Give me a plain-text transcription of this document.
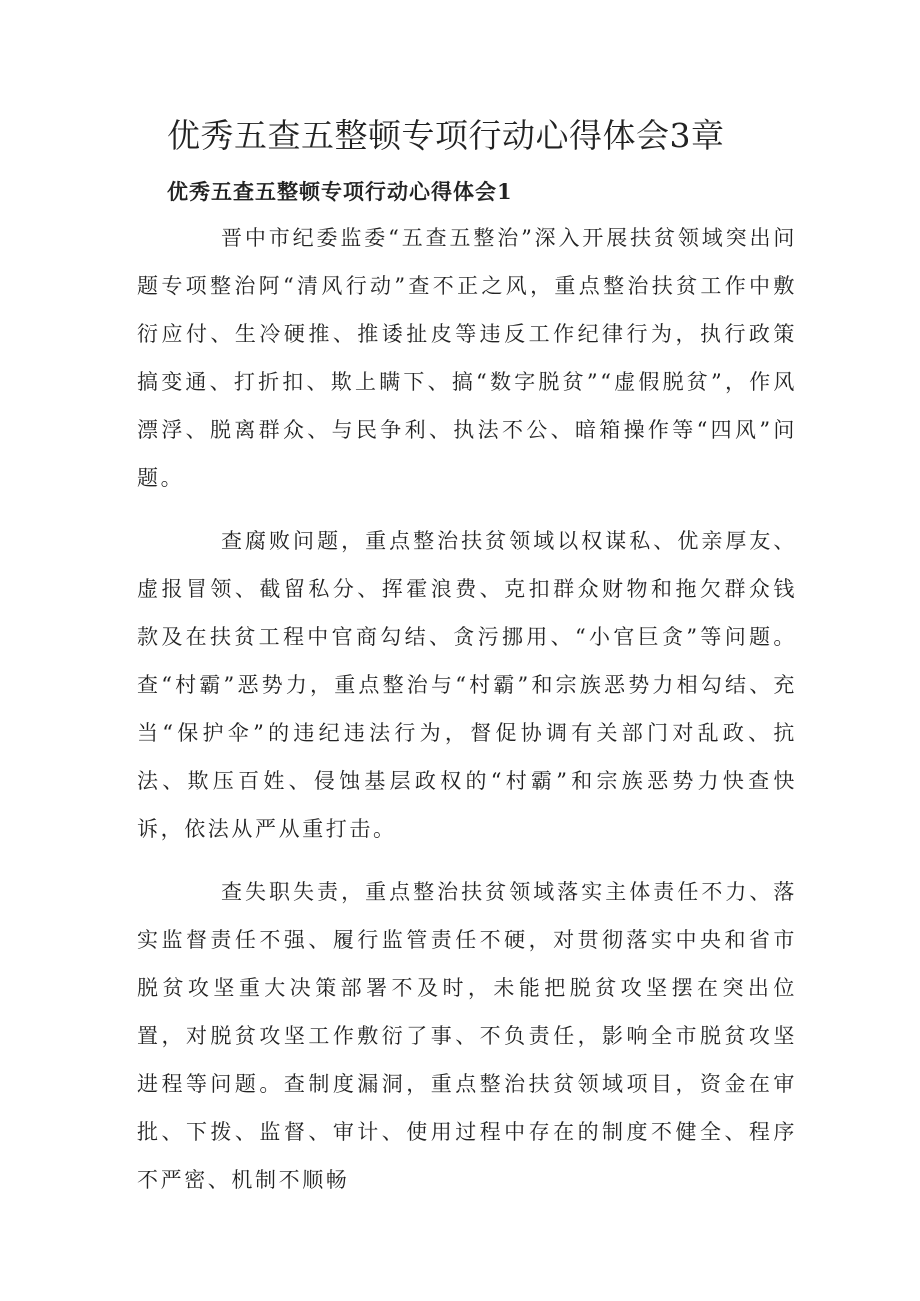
优秀五查五整顿专项行动心得体会3章
优秀五查五整顿专项行动心得体会1

晋中市纪委监委“五查五整治”深入开展扶贫领域突出问题专项整治阿“清风行动”查不正之风，重点整治扶贫工作中敷衍应付、生冷硬推、推诿扯皮等违反工作纪律行为，执行政策搞变通、打折扣、欺上瞒下、搞“数字脱贫”“虚假脱贫”，作风漂浮、脱离群众、与民争利、执法不公、暗箱操作等“四风”问题。

查腐败问题，重点整治扶贫领域以权谋私、优亲厚友、虚报冒领、截留私分、挥霍浪费、克扣群众财物和拖欠群众钱款及在扶贫工程中官商勾结、贪污挪用、“小官巨贪”等问题。查“村霸”恶势力，重点整治与“村霸”和宗族恶势力相勾结、充当“保护伞”的违纪违法行为，督促协调有关部门对乱政、抗法、欺压百姓、侵蚀基层政权的“村霸”和宗族恶势力快查快诉，依法从严从重打击。

查失职失责，重点整治扶贫领域落实主体责任不力、落实监督责任不强、履行监管责任不硬，对贯彻落实中央和省市脱贫攻坚重大决策部署不及时，未能把脱贫攻坚摆在突出位置，对脱贫攻坚工作敷衍了事、不负责任，影响全市脱贫攻坚进程等问题。查制度漏洞，重点整治扶贫领域项目，资金在审批、下拨、监督、审计、使用过程中存在的制度不健全、程序不严密、机制不顺畅
